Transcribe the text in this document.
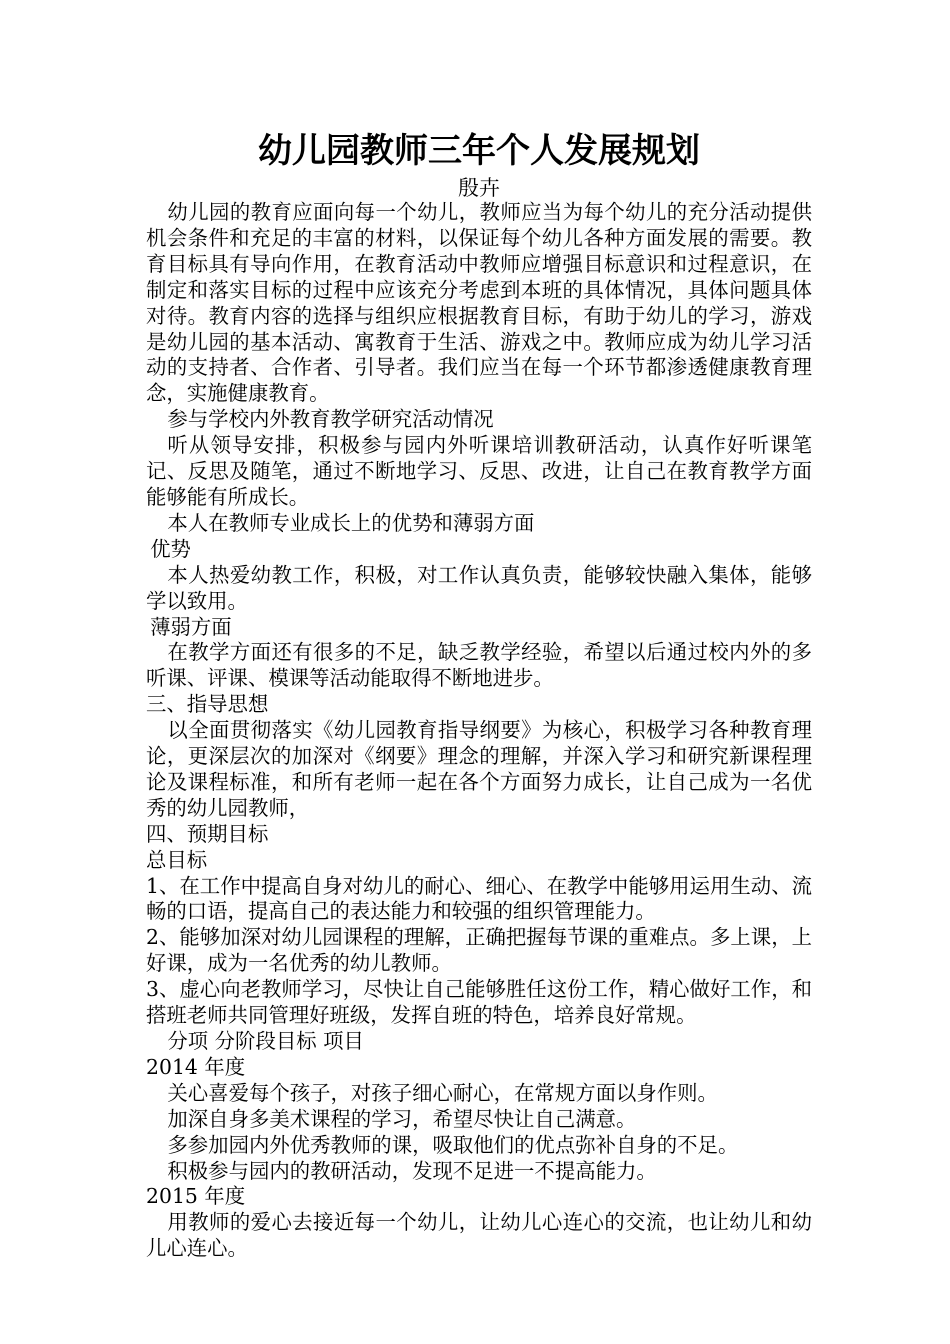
幼儿园教师三年个人发展规划
殷卉

幼儿园的教育应面向每一个幼儿，教师应当为每个幼儿的充分活动提供机会条件和充足的丰富的材料，以保证每个幼儿各种方面发展的需要。教育目标具有导向作用，在教育活动中教师应增强目标意识和过程意识，在制定和落实目标的过程中应该充分考虑到本班的具体情况，具体问题具体对待。教育内容的选择与组织应根据教育目标，有助于幼儿的学习，游戏是幼儿园的基本活动、寓教育于生活、游戏之中。教师应成为幼儿学习活动的支持者、合作者、引导者。我们应当在每一个环节都渗透健康教育理念，实施健康教育。

参与学校内外教育教学研究活动情况

听从领导安排，积极参与园内外听课培训教研活动，认真作好听课笔记、反思及随笔，通过不断地学习、反思、改进，让自己在教育教学方面能够能有所成长。

本人在教师专业成长上的优势和薄弱方面

优势

本人热爱幼教工作，积极，对工作认真负责，能够较快融入集体，能够学以致用。

薄弱方面

在教学方面还有很多的不足，缺乏教学经验，希望以后通过校内外的多听课、评课、模课等活动能取得不断地进步。

三、指导思想

以全面贯彻落实《幼儿园教育指导纲要》为核心，积极学习各种教育理论，更深层次的加深对《纲要》理念的理解，并深入学习和研究新课程理论及课程标准，和所有老师一起在各个方面努力成长，让自己成为一名优秀的幼儿园教师，

四、预期目标

总目标

1、在工作中提高自身对幼儿的耐心、细心、在教学中能够用运用生动、流畅的口语，提高自己的表达能力和较强的组织管理能力。

2、能够加深对幼儿园课程的理解，正确把握每节课的重难点。多上课，上好课，成为一名优秀的幼儿教师。

3、虚心向老教师学习，尽快让自己能够胜任这份工作，精心做好工作，和搭班老师共同管理好班级，发挥自班的特色，培养良好常规。

分项 分阶段目标 项目

2014 年度

关心喜爱每个孩子，对孩子细心耐心，在常规方面以身作则。

加深自身多美术课程的学习，希望尽快让自己满意。

多参加园内外优秀教师的课，吸取他们的优点弥补自身的不足。

积极参与园内的教研活动，发现不足进一不提高能力。

2015 年度

用教师的爱心去接近每一个幼儿，让幼儿心连心的交流，也让幼儿和幼儿心连心。
